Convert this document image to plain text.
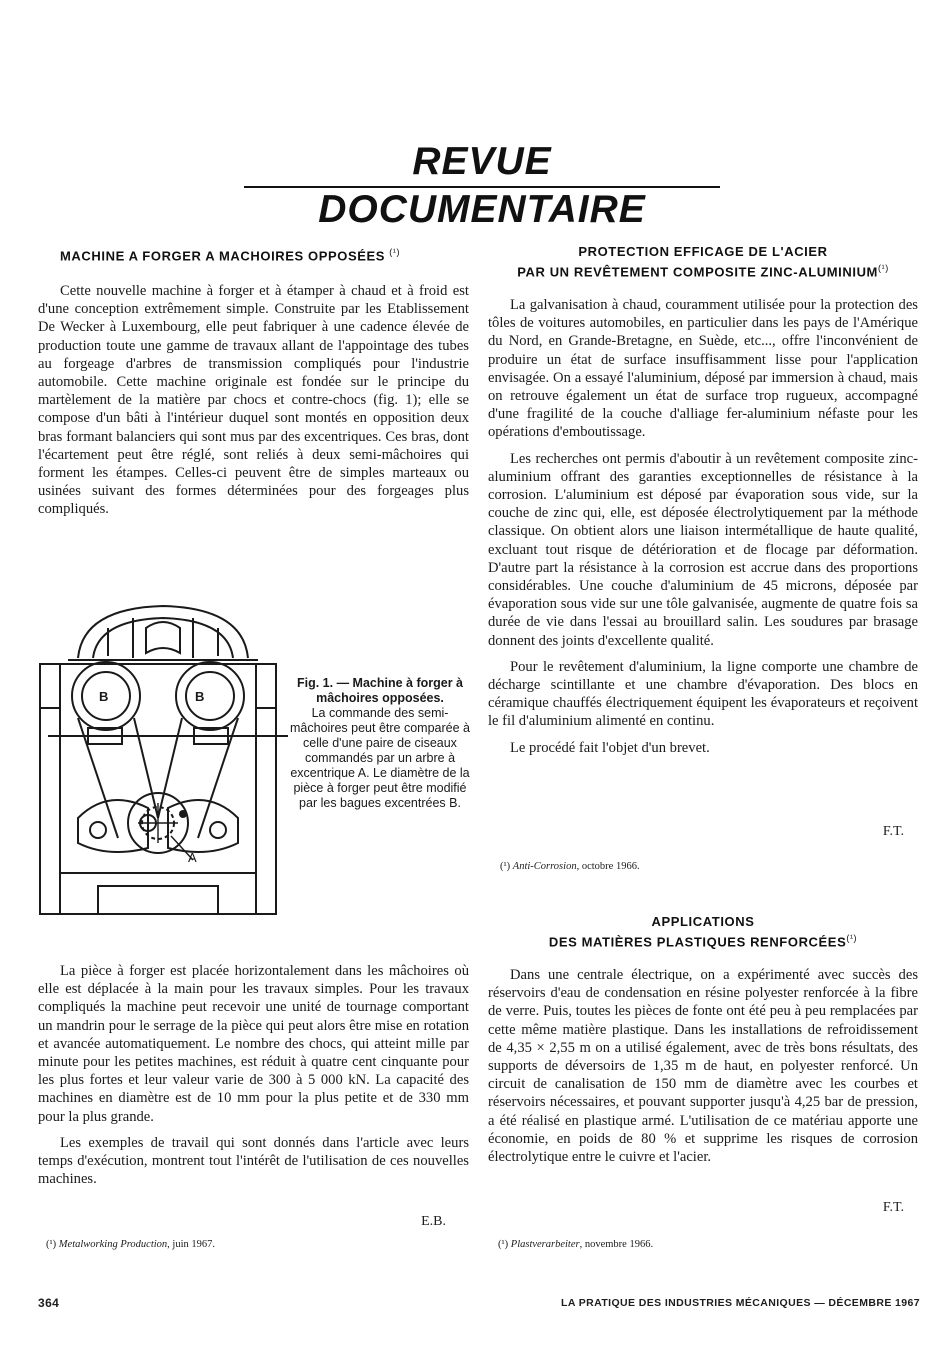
REVUE DOCUMENTAIRE
MACHINE A FORGER A MACHOIRES OPPOSÉES $^{(^1)}$

Cette nouvelle machine à forger et à étamper à chaud et à froid est d'une conception extrêmement simple. Construite par les Etablissement De Wecker à Luxembourg, elle peut fabriquer à une cadence élevée de production toute une gamme de travaux allant de l'appointage des tubes au forgeage d'arbres de transmission compliqués pour l'industrie automobile. Cette machine originale est fondée sur le principe du martèlement de la matière par chocs et contre-chocs (fig. 1); elle se compose d'un bâti à l'intérieur duquel sont montés en opposition deux bras formant balanciers qui sont mus par des excentriques. Ces bras, dont l'écartement peut être réglé, sont reliés à deux semi-mâchoires qui forment les étampes. Celles-ci peuvent être de simples marteaux ou usinées suivant des formes déterminées pour des forgeages plus compliqués.

B	B
A
Fig. 1. — Machine à forger à mâchoires opposées.
La commande des semi-mâchoires peut être comparée à celle d'une paire de ciseaux commandés par un arbre à excentrique A. Le diamètre de la pièce à forger peut être modifié par les bagues excentrées B.

La pièce à forger est placée horizontalement dans les mâchoires où elle est déplacée à la main pour les travaux simples. Pour les travaux compliqués la machine peut recevoir une unité de tournage comportant un mandrin pour le serrage de la pièce qui peut alors être mise en rotation et avancée automatiquement. Le nombre des chocs, qui atteint mille par minute pour les petites machines, est réduit à quatre cent cinquante pour les plus fortes et leur valeur varie de 300 à 5 000 kN. La capacité des machines en diamètre est de 10 mm pour la plus petite et de 330 mm pour la plus grande.

Les exemples de travail qui sont donnés dans l'article avec leurs temps d'exécution, montrent tout l'intérêt de l'utilisation de ces nouvelles machines.

E.B.
(¹) Metalworking Production, juin 1967.
PROTECTION EFFICAGE DE L'ACIER
PAR UN REVÊTEMENT COMPOSITE ZINC-$ALUMINIUM^{(^1)}$

La galvanisation à chaud, couramment utilisée pour la protection des tôles de voitures automobiles, en particulier dans les pays de l'Amérique du Nord, en Grande-Bretagne, en Suède, etc..., offre l'inconvénient de produire un état de surface insuffisamment lisse pour l'application envisagée. On a essayé l'aluminium, déposé par immersion à chaud, mais on retrouve également un état de surface trop rugueux, accompagné d'une fragilité de la couche d'alliage fer-aluminium néfaste pour les opérations d'emboutissage.

Les recherches ont permis d'aboutir à un revêtement composite zinc-aluminium offrant des garanties exceptionnelles de résistance à la corrosion. L'aluminium est déposé par évaporation sous vide, sur la couche de zinc qui, elle, est déposée électrolytiquement par la méthode classique. On obtient alors une liaison intermétallique de haute qualité, excluant tout risque de détérioration et de flocage par déformation. D'autre part la résistance à la corrosion est accrue dans des proportions considérables. Une couche d'aluminium de 45 microns, déposée par évaporation sous vide sur une tôle galvanisée, augmente de quatre fois sa durée de vie dans l'essai au brouillard salin. Les soudures par brasage donnent des joints d'excellente qualité.

Pour le revêtement d'aluminium, la ligne comporte une chambre de décharge scintillante et une chambre d'évaporation. Des blocs en céramique chauffés électriquement équipent les évaporateurs et reçoivent le fil d'aluminium alimenté en continu.

Le procédé fait l'objet d'un brevet.

F.T.
(¹) Anti-Corrosion, octobre 1966.
APPLICATIONS
DES MATIÈRES PLASTIQUES $RENFORCÉES^{(^1)}$

Dans une centrale électrique, on a expérimenté avec succès des réservoirs d'eau de condensation en résine polyester renforcée à la fibre de verre. Puis, toutes les pièces de fonte ont été peu à peu remplacées par cette même matière plastique. Dans les installations de refroidissement de 4,35 × 2,55 m on a utilisé également, avec de très bons résultats, des supports de déversoirs de 1,35 m de haut, en polyester renforcé. Un circuit de canalisation de 150 mm de diamètre avec les courbes et réservoirs nécessaires, et pouvant supporter jusqu'à 4,25 bar de pression, a été réalisé en plastique armé. L'utilisation de ce matériau apporte une économie, en poids de 80 % et supprime les risques de corrosion électrolytique entre le cuivre et l'acier.

F.T.
(¹) Plastverarbeiter, novembre 1966.
364	LA PRATIQUE DES INDUSTRIES MÉCANIQUES — DÉCEMBRE 1967
